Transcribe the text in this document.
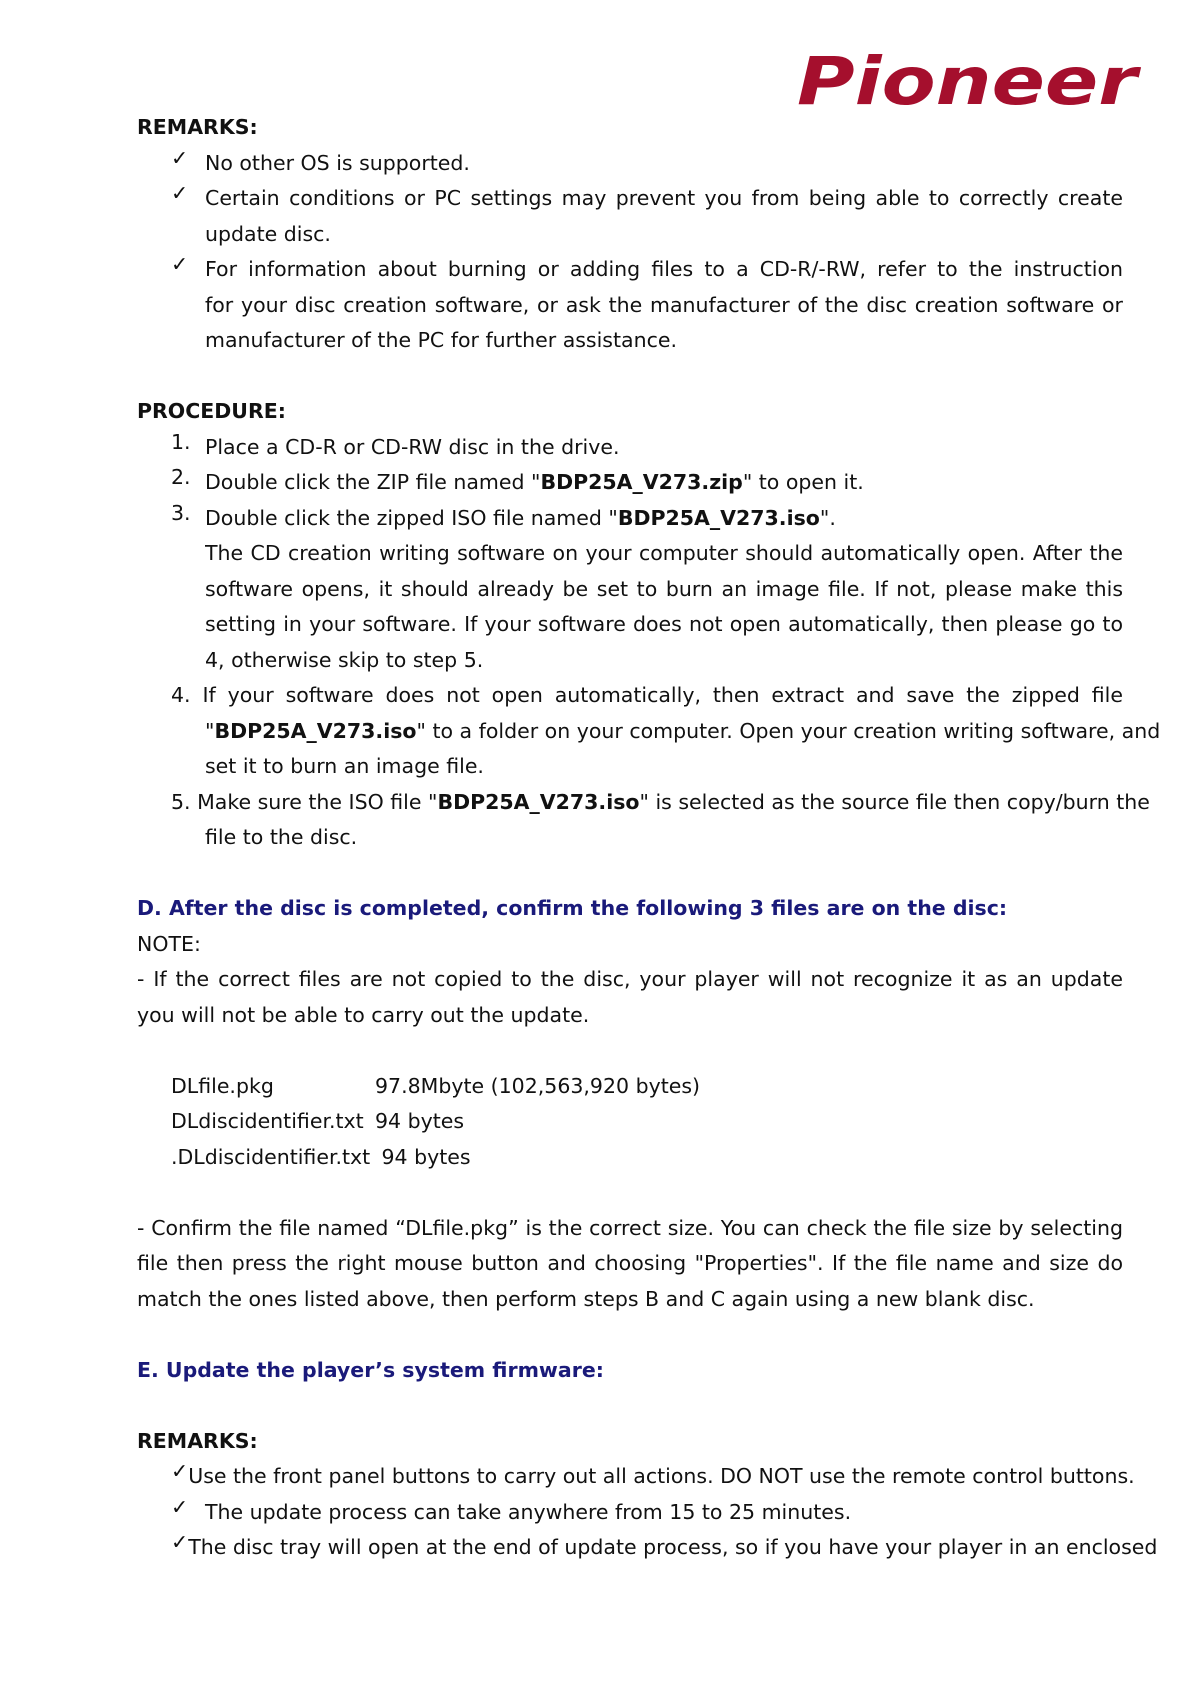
Pioneer
REMARKS:
✓ No other OS is supported.
✓ Certain conditions or PC settings may prevent you from being able to correctly create
update disc.
✓ For information about burning or adding files to a CD-R/-RW, refer to the instruction
for your disc creation software, or ask the manufacturer of the disc creation software or
manufacturer of the PC for further assistance.
PROCEDURE:
1. Place a CD-R or CD-RW disc in the drive.
2. Double click the ZIP file named "BDP25A_V273.zip" to open it.
3. Double click the zipped ISO file named "BDP25A_V273.iso".
The CD creation writing software on your computer should automatically open. After the
software opens, it should already be set to burn an image file. If not, please make this
setting in your software. If your software does not open automatically, then please go to
4, otherwise skip to step 5.
4. If your software does not open automatically, then extract and save the zipped file
"BDP25A_V273.iso" to a folder on your computer. Open your creation writing software, and
set it to burn an image file.
5. Make sure the ISO file "BDP25A_V273.iso" is selected as the source file then copy/burn the
file to the disc.
D. After the disc is completed, confirm the following 3 files are on the disc:
NOTE:
- If the correct files are not copied to the disc, your player will not recognize it as an update
you will not be able to carry out the update.
DLfile.pkg	97.8Mbyte (102,563,920 bytes)
DLdiscidentifier.txt 94 bytes
.DLdiscidentifier.txt 94 bytes
- Confirm the file named “DLfile.pkg” is the correct size. You can check the file size by selecting
file then press the right mouse button and choosing "Properties". If the file name and size do
match the ones listed above, then perform steps B and C again using a new blank disc.
E. Update the player’s system firmware:
REMARKS:
✓ Use the front panel buttons to carry out all actions. DO NOT use the remote control buttons.
✓ The update process can take anywhere from 15 to 25 minutes.
✓ The disc tray will open at the end of update process, so if you have your player in an enclosed
